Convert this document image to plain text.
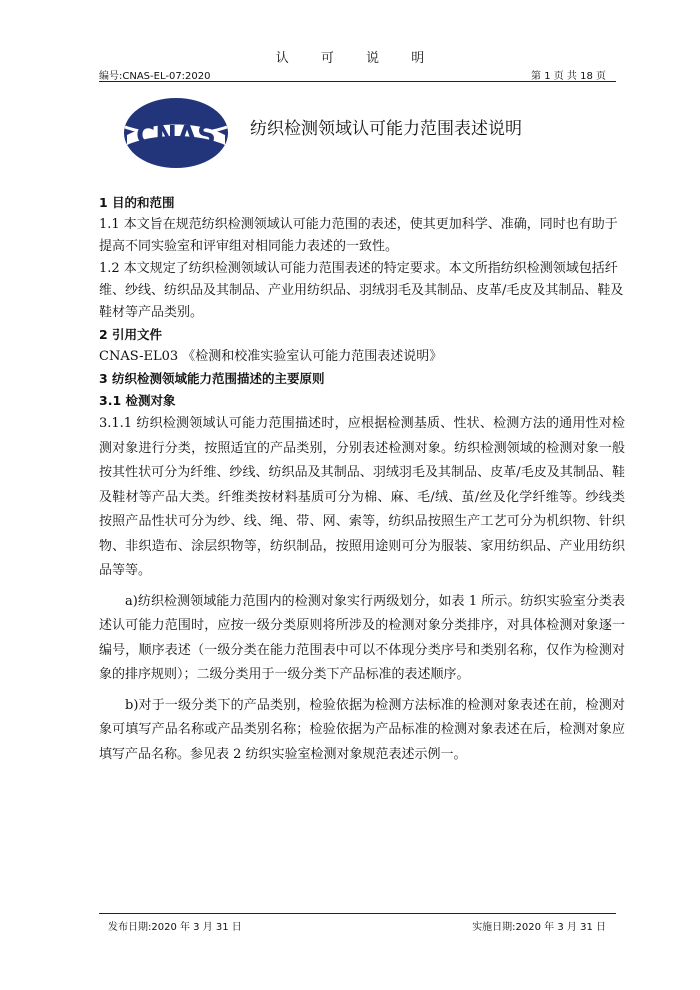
认 可 说 明
编号:CNAS-EL-07:2020	第 1 页 共 18 页
CNAS 纺织检测领域认可能力范围表述说明
1 目的和范围
1.1 本文旨在规范纺织检测领域认可能力范围的表述，使其更加科学、准确，同时也有助于提高不同实验室和评审组对相同能力表述的一致性。
1.2 本文规定了纺织检测领域认可能力范围表述的特定要求。本文所指纺织检测领域包括纤维、纱线、纺织品及其制品、产业用纺织品、羽绒羽毛及其制品、皮革/毛皮及其制品、鞋及鞋材等产品类别。
2 引用文件
CNAS-EL03 《检测和校准实验室认可能力范围表述说明》
3 纺织检测领域能力范围描述的主要原则
3.1 检测对象
3.1.1 纺织检测领域认可能力范围描述时，应根据检测基质、性状、检测方法的通用性对检测对象进行分类，按照适宜的产品类别，分别表述检测对象。纺织检测领域的检测对象一般按其性状可分为纤维、纱线、纺织品及其制品、羽绒羽毛及其制品、皮革/毛皮及其制品、鞋及鞋材等产品大类。纤维类按材料基质可分为棉、麻、毛/绒、茧/丝及化学纤维等。纱线类按照产品性状可分为纱、线、绳、带、网、索等，纺织品按照生产工艺可分为机织物、针织物、非织造布、涂层织物等，纺织制品，按照用途则可分为服装、家用纺织品、产业用纺织品等等。
a)纺织检测领域能力范围内的检测对象实行两级划分，如表 1 所示。纺织实验室分类表述认可能力范围时，应按一级分类原则将所涉及的检测对象分类排序，对具体检测对象逐一编号，顺序表述（一级分类在能力范围表中可以不体现分类序号和类别名称，仅作为检测对象的排序规则）；二级分类用于一级分类下产品标准的表述顺序。
b)对于一级分类下的产品类别，检验依据为检测方法标准的检测对象表述在前，检测对象可填写产品名称或产品类别名称；检验依据为产品标准的检测对象表述在后，检测对象应填写产品名称。参见表 2 纺织实验室检测对象规范表述示例一。
发布日期:2020 年 3 月 31 日	实施日期:2020 年 3 月 31 日
